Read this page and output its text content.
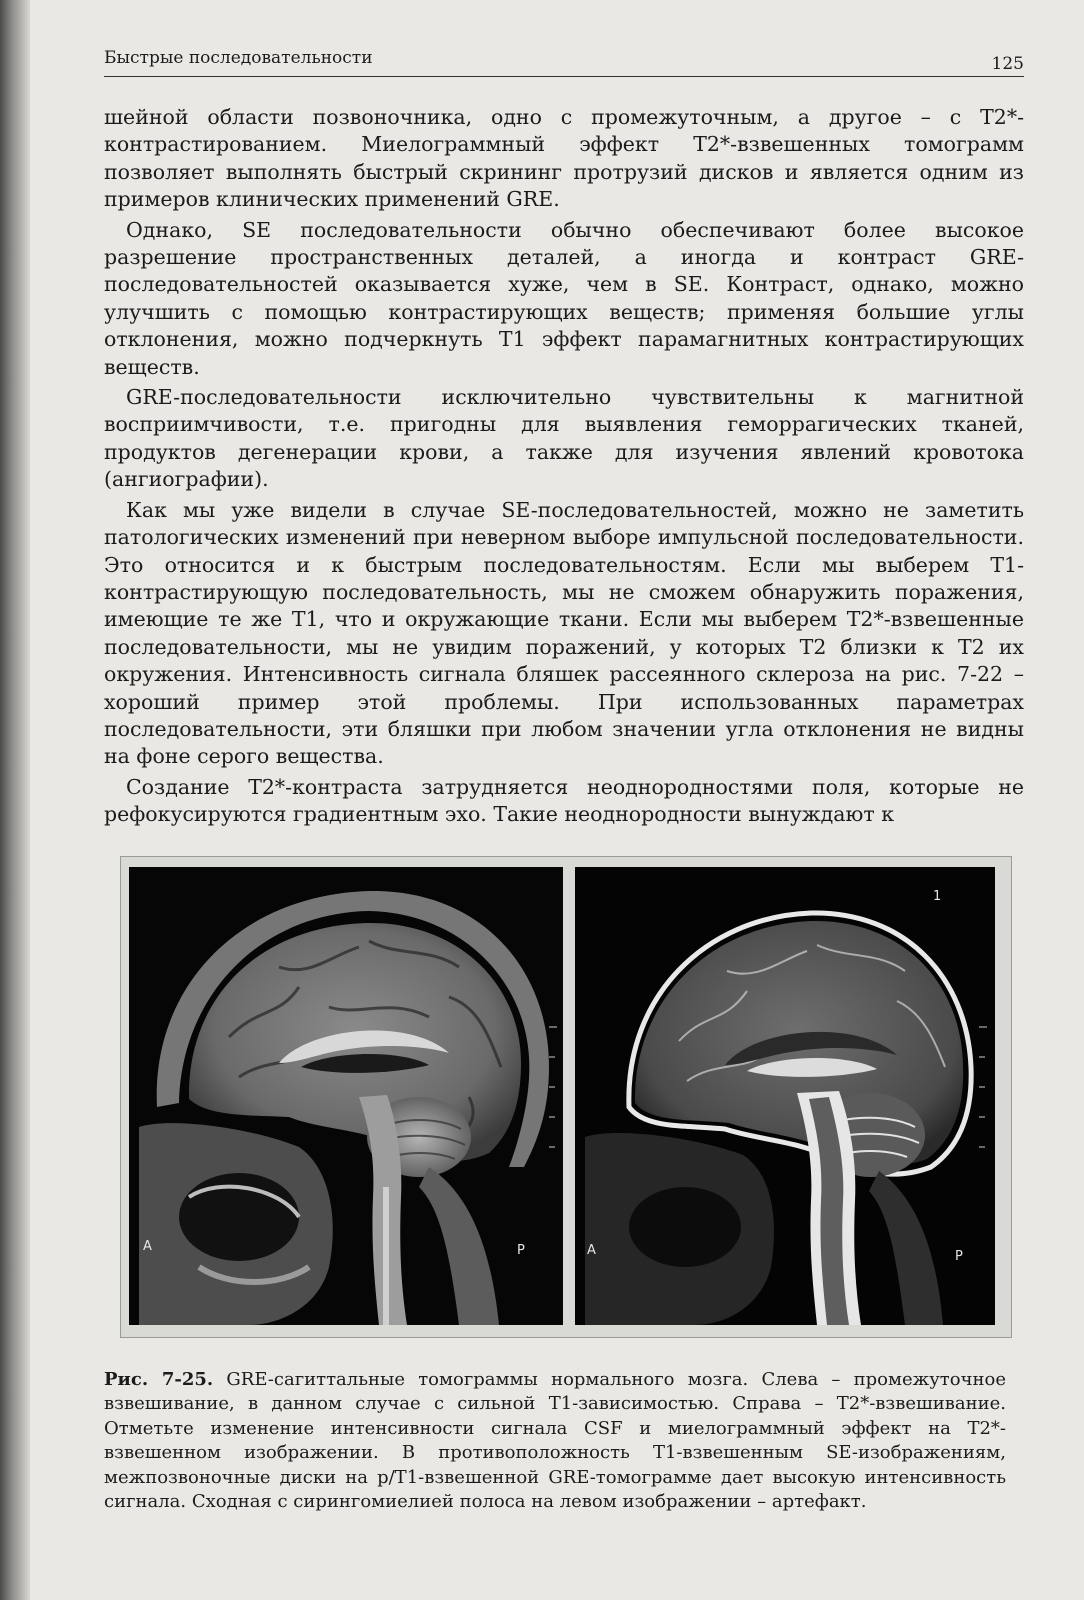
Быстрые последовательности	125

шейной области позвоночника, одно с промежуточным, а другое – с Т2*-контрастированием. Миелограммный эффект Т2*-взвешенных томограмм позволяет выполнять быстрый скрининг протрузий дисков и является одним из примеров клинических применений GRE.

Однако, SE последовательности обычно обеспечивают более высокое разрешение пространственных деталей, а иногда и контраст GRE-последовательностей оказывается хуже, чем в SE. Контраст, однако, можно улучшить с помощью контрастирующих веществ; применяя большие углы отклонения, можно подчеркнуть Т1 эффект парамагнитных контрастирующих веществ.

GRE-последовательности исключительно чувствительны к магнитной восприимчивости, т.е. пригодны для выявления геморрагических тканей, продуктов дегенерации крови, а также для изучения явлений кровотока (ангиографии).

Как мы уже видели в случае SE-последовательностей, можно не заметить патологических изменений при неверном выборе импульсной последовательности. Это относится и к быстрым последовательностям. Если мы выберем Т1-контрастирующую последовательность, мы не сможем обнаружить поражения, имеющие те же Т1, что и окружающие ткани. Если мы выберем Т2*-взвешенные последовательности, мы не увидим поражений, у которых Т2 близки к Т2 их окружения. Интенсивность сигнала бляшек рассеянного склероза на рис. 7-22 – хороший пример этой проблемы. При использованных параметрах последовательности, эти бляшки при любом значении угла отклонения не видны на фоне серого вещества.

Создание Т2*-контраста затрудняется неоднородностями поля, которые не рефокусируются градиентным эхо. Такие неоднородности вынуждают к

A	P
1
A	P
Рис. 7-25. GRE-сагиттальные томограммы нормального мозга. Слева – промежуточное взвешивание, в данном случае с сильной Т1-зависимостью. Справа – Т2*-взвешивание. Отметьте изменение интенсивности сигнала CSF и миелограммный эффект на Т2*-взвешенном изображении. В противоположность Т1-взвешенным SE-изображениям, межпозвоночные диски на р/Т1-взвешенной GRE-томограмме дает высокую интенсивность сигнала. Сходная с сирингомиелией полоса на левом изображении – артефакт.
